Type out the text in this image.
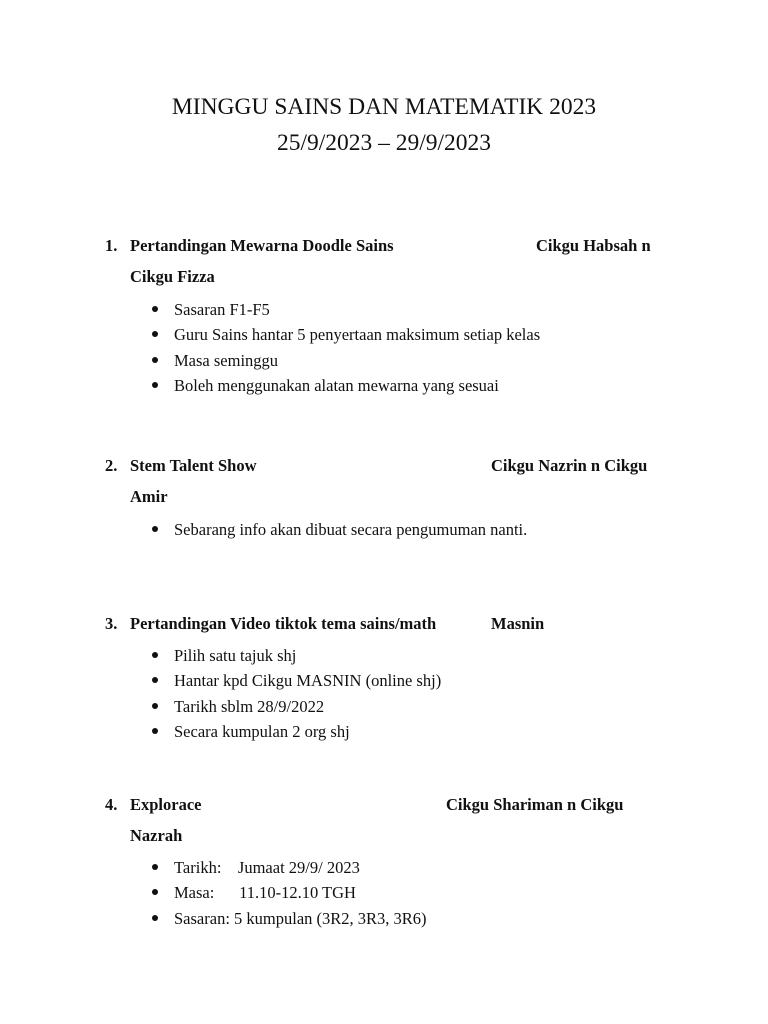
MINGGU SAINS DAN MATEMATIK 2023
25/9/2023 – 29/9/2023
1. Pertandingan Mewarna Doodle Sains	Cikgu Habsah n
Cikgu Fizza
Sasaran F1-F5
Guru Sains hantar 5 penyertaan maksimum setiap kelas
Masa seminggu
Boleh menggunakan alatan mewarna yang sesuai
2. Stem Talent Show	Cikgu Nazrin n Cikgu
Amir
Sebarang info akan dibuat secara pengumuman nanti.
3. Pertandingan Video tiktok tema sains/math	Masnin
Pilih satu tajuk shj
Hantar kpd Cikgu MASNIN (online shj)
Tarikh sblm 28/9/2022
Secara kumpulan 2 org shj
4. Explorace	Cikgu Shariman n Cikgu
Nazrah
Tarikh:    Jumaat 29/9/ 2023
Masa:      11.10-12.10 TGH
Sasaran: 5 kumpulan (3R2, 3R3, 3R6)
